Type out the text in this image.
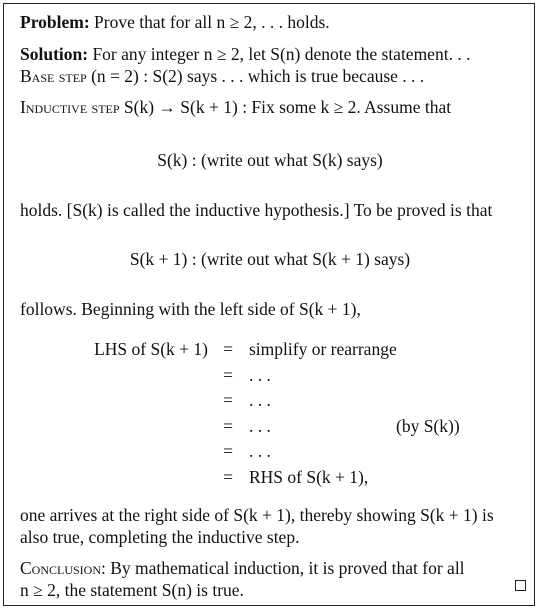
Problem: Prove that for all n ≥ 2, . . . holds.
Solution: For any integer n ≥ 2, let S(n) denote the statement. . .
Base step (n = 2) : S(2) says . . . which is true because . . .
Inductive step S(k) → S(k + 1) : Fix some k ≥ 2. Assume that
S(k) : (write out what S(k) says)
holds. [S(k) is called the inductive hypothesis.] To be proved is that
S(k + 1) : (write out what S(k + 1) says)
follows. Beginning with the left side of S(k + 1),
LHS of S(k + 1) = simplify or rearrange
= . . .
= . . .
= . . .	(by S(k))
= . . .
= RHS of S(k + 1),
one arrives at the right side of S(k + 1), thereby showing S(k + 1) is
also true, completing the inductive step.
Conclusion: By mathematical induction, it is proved that for all
n ≥ 2, the statement S(n) is true.
